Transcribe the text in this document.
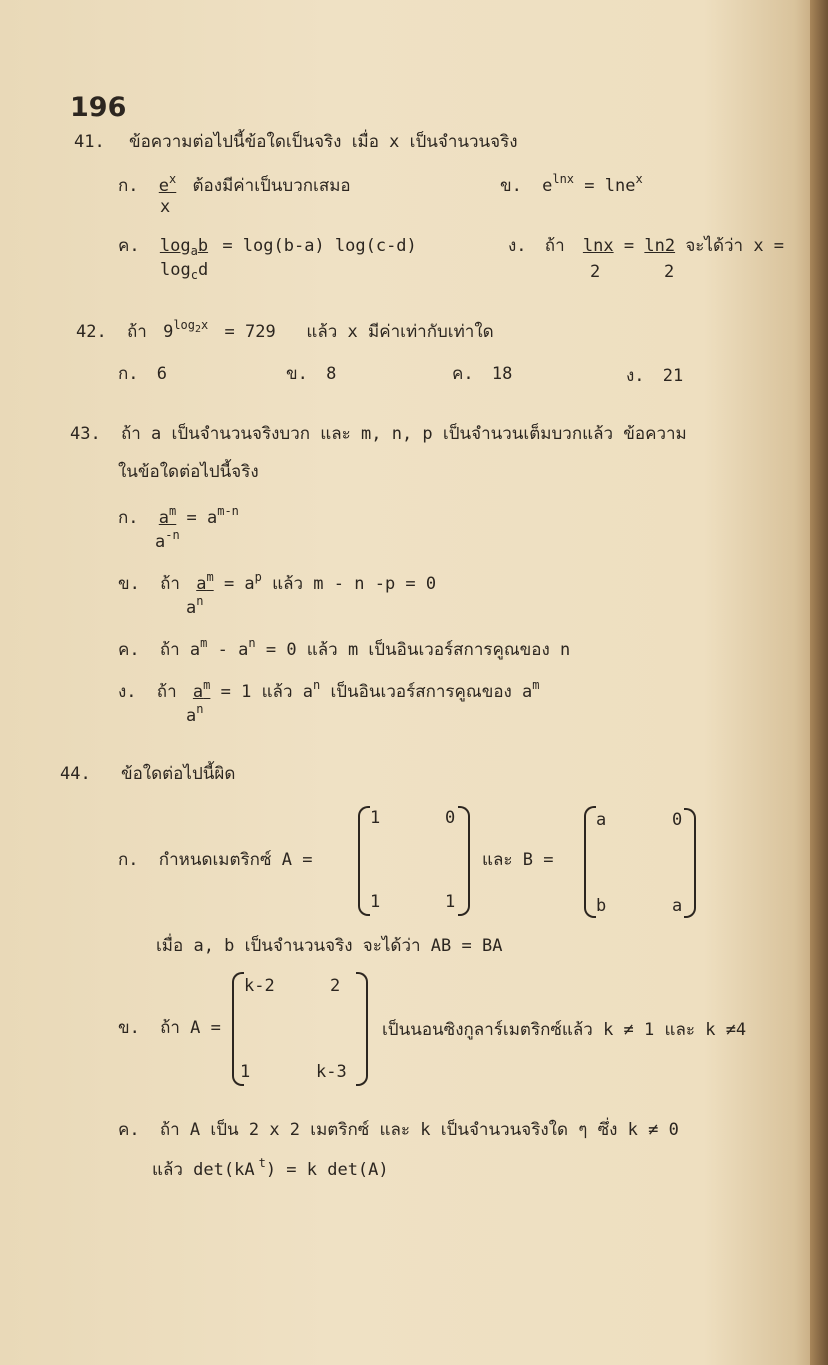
196
41. ข้อความต่อไปนี้ข้อใดเป็นจริง เมื่อ x เป็นจำนวนจริง
ก. $e^x$ ต้องมีค่าเป็นบวกเสมอ
x
ข. $e^{lnx} = \ln e^x$
ค. $\log_ab = \log(b-a)$ log(c-d)
$\log_cd$
ง. ถ้า lnx = ln2 จะได้ว่า x =
2	2
42. ถ้า $9^{log_2x} = 729$   แล้ว x มีค่าเท่ากับเท่าใด
ก. 6	ข. 8	ค. 18	ง. 21
43. ถ้า a เป็นจำนวนจริงบวก และ m, n, p เป็นจำนวนเต็มบวกแล้ว ข้อความ
ในข้อใดต่อไปนี้จริง
ก. $a^m = a^{m-n}$
$a^{-n}$
ข. ถ้า $a^m = a^p$ แล้ว m - n -p = 0
$a^n$
ค. ถ้า $a^m - a^n = 0$ แล้ว m เป็นอินเวอร์สการคูณของ n
ง. ถ้า $a^m = 1$ แล้ว $a^n$ เป็นอินเวอร์สการคูณของ $a^m$
$a^n$
44. ข้อใดต่อไปนี้ผิด
ก. กำหนดเมตริกซ์ A =
1	0
1	1
และ B =
a	0
b	a
เมื่อ a, b เป็นจำนวนจริง จะได้ว่า AB = BA
ข. ถ้า A =
k-2	2
1	k-3
เป็นนอนซิงกูลาร์เมตริกซ์แล้ว k ≠ 1 และ k ≠4
ค. ถ้า A เป็น 2 x 2 เมตริกซ์ และ k เป็นจำนวนจริงใด ๆ ซึ่ง k ≠ 0
แล้ว det(kA $^t$) = k det(A)
